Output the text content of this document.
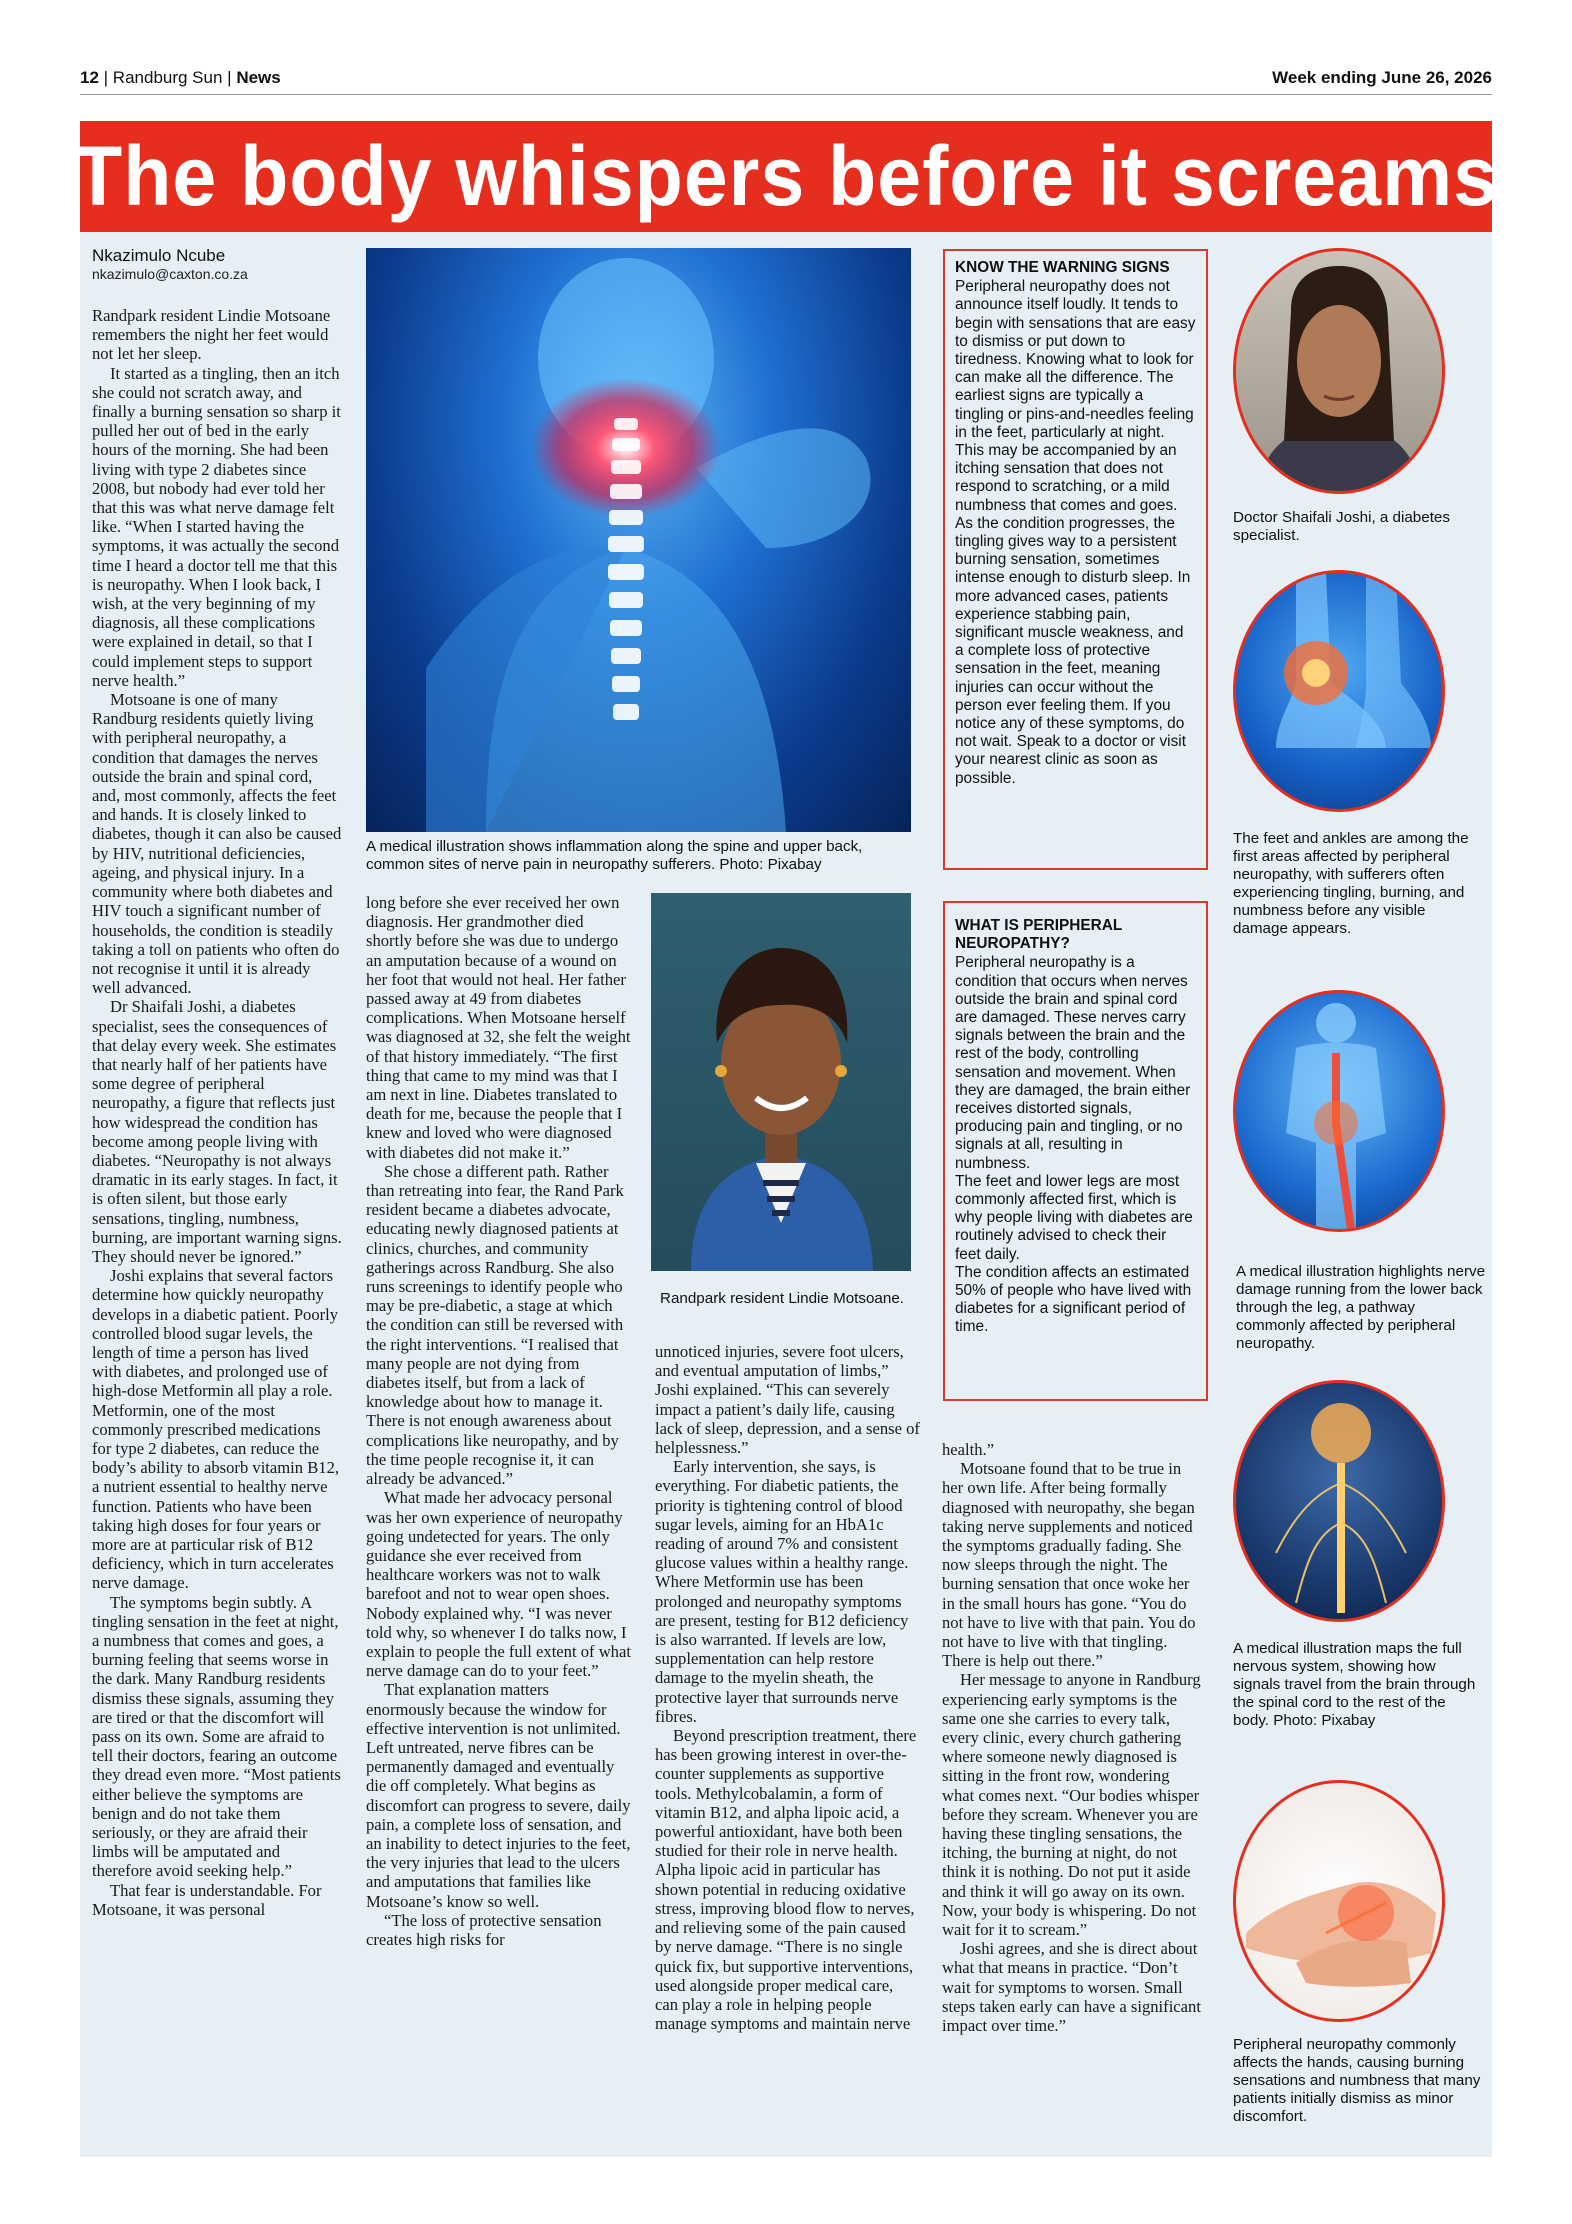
12 | Randburg Sun | News	Week ending June 26, 2026
The body whispers before it screams
Nkazimulo Ncube
nkazimulo@caxton.co.za

Randpark resident Lindie Motsoane remembers the night her feet would not let her sleep.

It started as a tingling, then an itch she could not scratch away, and finally a burning sensation so sharp it pulled her out of bed in the early hours of the morning. She had been living with type 2 diabetes since 2008, but nobody had ever told her that this was what nerve damage felt like. “When I started having the symptoms, it was actually the second time I heard a doctor tell me that this is neuropathy. When I look back, I wish, at the very beginning of my diagnosis, all these complications were explained in detail, so that I could implement steps to support nerve health.”

Motsoane is one of many Randburg residents quietly living with peripheral neuropathy, a condition that damages the nerves outside the brain and spinal cord, and, most commonly, affects the feet and hands. It is closely linked to diabetes, though it can also be caused by HIV, nutritional deficiencies, ageing, and physical injury. In a community where both diabetes and HIV touch a significant number of households, the condition is steadily taking a toll on patients who often do not recognise it until it is already well advanced.

Dr Shaifali Joshi, a diabetes specialist, sees the consequences of that delay every week. She estimates that nearly half of her patients have some degree of peripheral neuropathy, a figure that reflects just how widespread the condition has become among people living with diabetes. “Neuropathy is not always dramatic in its early stages. In fact, it is often silent, but those early sensations, tingling, numbness, burning, are important warning signs. They should never be ignored.”

Joshi explains that several factors determine how quickly neuropathy develops in a diabetic patient. Poorly controlled blood sugar levels, the length of time a person has lived with diabetes, and prolonged use of high-dose Metformin all play a role. Metformin, one of the most commonly prescribed medications for type 2 diabetes, can reduce the body’s ability to absorb vitamin B12, a nutrient essential to healthy nerve function. Patients who have been taking high doses for four years or more are at particular risk of B12 deficiency, which in turn accelerates nerve damage.

The symptoms begin subtly. A tingling sensation in the feet at night, a numbness that comes and goes, a burning feeling that seems worse in the dark. Many Randburg residents dismiss these signals, assuming they are tired or that the discomfort will pass on its own. Some are afraid to tell their doctors, fearing an outcome they dread even more. “Most patients either believe the symptoms are benign and do not take them seriously, or they are afraid their limbs will be amputated and therefore avoid seeking help.”

That fear is understandable. For Motsoane, it was personal

A medical illustration shows inflammation along the spine and upper back, common sites of nerve pain in neuropathy sufferers. Photo: Pixabay

long before she ever received her own diagnosis. Her grandmother died shortly before she was due to undergo an amputation because of a wound on her foot that would not heal. Her father passed away at 49 from diabetes complications. When Motsoane herself was diagnosed at 32, she felt the weight of that history immediately. “The first thing that came to my mind was that I am next in line. Diabetes translated to death for me, because the people that I knew and loved who were diagnosed with diabetes did not make it.”

She chose a different path. Rather than retreating into fear, the Rand Park resident became a diabetes advocate, educating newly diagnosed patients at clinics, churches, and community gatherings across Randburg. She also runs screenings to identify people who may be pre-diabetic, a stage at which the condition can still be reversed with the right interventions. “I realised that many people are not dying from diabetes itself, but from a lack of knowledge about how to manage it. There is not enough awareness about complications like neuropathy, and by the time people recognise it, it can already be advanced.”

What made her advocacy personal was her own experience of neuropathy going undetected for years. The only guidance she ever received from healthcare workers was not to walk barefoot and not to wear open shoes. Nobody explained why. “I was never told why, so whenever I do talks now, I explain to people the full extent of what nerve damage can do to your feet.”

That explanation matters enormously because the window for effective intervention is not unlimited. Left untreated, nerve fibres can be permanently damaged and eventually die off completely. What begins as discomfort can progress to severe, daily pain, a complete loss of sensation, and an inability to detect injuries to the feet, the very injuries that lead to the ulcers and amputations that families like Motsoane’s know so well.

“The loss of protective sensation creates high risks for

Randpark resident Lindie Motsoane.

unnoticed injuries, severe foot ulcers, and eventual amputation of limbs,” Joshi explained. “This can severely impact a patient’s daily life, causing lack of sleep, depression, and a sense of helplessness.”

Early intervention, she says, is everything. For diabetic patients, the priority is tightening control of blood sugar levels, aiming for an HbA1c reading of around 7% and consistent glucose values within a healthy range. Where Metformin use has been prolonged and neuropathy symptoms are present, testing for B12 deficiency is also warranted. If levels are low, supplementation can help restore damage to the myelin sheath, the protective layer that surrounds nerve fibres.

Beyond prescription treatment, there has been growing interest in over-the-counter supplements as supportive tools. Methylcobalamin, a form of vitamin B12, and alpha lipoic acid, a powerful antioxidant, have both been studied for their role in nerve health. Alpha lipoic acid in particular has shown potential in reducing oxidative stress, improving blood flow to nerves, and relieving some of the pain caused by nerve damage. “There is no single quick fix, but supportive interventions, used alongside proper medical care, can play a role in helping people manage symptoms and maintain nerve

health.”

Motsoane found that to be true in her own life. After being formally diagnosed with neuropathy, she began taking nerve supplements and noticed the symptoms gradually fading. She now sleeps through the night. The burning sensation that once woke her in the small hours has gone. “You do not have to live with that pain. You do not have to live with that tingling. There is help out there.”

Her message to anyone in Randburg experiencing early symptoms is the same one she carries to every talk, every clinic, every church gathering where someone newly diagnosed is sitting in the front row, wondering what comes next. “Our bodies whisper before they scream. Whenever you are having these tingling sensations, the itching, the burning at night, do not think it is nothing. Do not put it aside and think it will go away on its own. Now, your body is whispering. Do not wait for it to scream.”

Joshi agrees, and she is direct about what that means in practice. “Don’t wait for symptoms to worsen. Small steps taken early can have a significant impact over time.”

KNOW THE WARNING SIGNS

Peripheral neuropathy does not announce itself loudly. It tends to begin with sensations that are easy to dismiss or put down to tiredness. Knowing what to look for can make all the difference. The earliest signs are typically a tingling or pins-and-needles feeling in the feet, particularly at night. This may be accompanied by an itching sensation that does not respond to scratching, or a mild numbness that comes and goes. As the condition progresses, the tingling gives way to a persistent burning sensation, sometimes intense enough to disturb sleep. In more advanced cases, patients experience stabbing pain, significant muscle weakness, and a complete loss of protective sensation in the feet, meaning injuries can occur without the person ever feeling them. If you notice any of these symptoms, do not wait. Speak to a doctor or visit your nearest clinic as soon as possible.

WHAT IS PERIPHERAL NEUROPATHY?

Peripheral neuropathy is a condition that occurs when nerves outside the brain and spinal cord are damaged. These nerves carry signals between the brain and the rest of the body, controlling sensation and movement. When they are damaged, the brain either receives distorted signals, producing pain and tingling, or no signals at all, resulting in numbness.

The feet and lower legs are most commonly affected first, which is why people living with diabetes are routinely advised to check their feet daily.

The condition affects an estimated 50% of people who have lived with diabetes for a significant period of time.

Doctor Shaifali Joshi, a diabetes specialist.
The feet and ankles are among the first areas affected by peripheral neuropathy, with sufferers often experiencing tingling, burning, and numbness before any visible damage appears.
A medical illustration highlights nerve damage running from the lower back through the leg, a pathway commonly affected by peripheral neuropathy.
A medical illustration maps the full nervous system, showing how signals travel from the brain through the spinal cord to the rest of the body. Photo: Pixabay
Peripheral neuropathy commonly affects the hands, causing burning sensations and numbness that many patients initially dismiss as minor discomfort.
